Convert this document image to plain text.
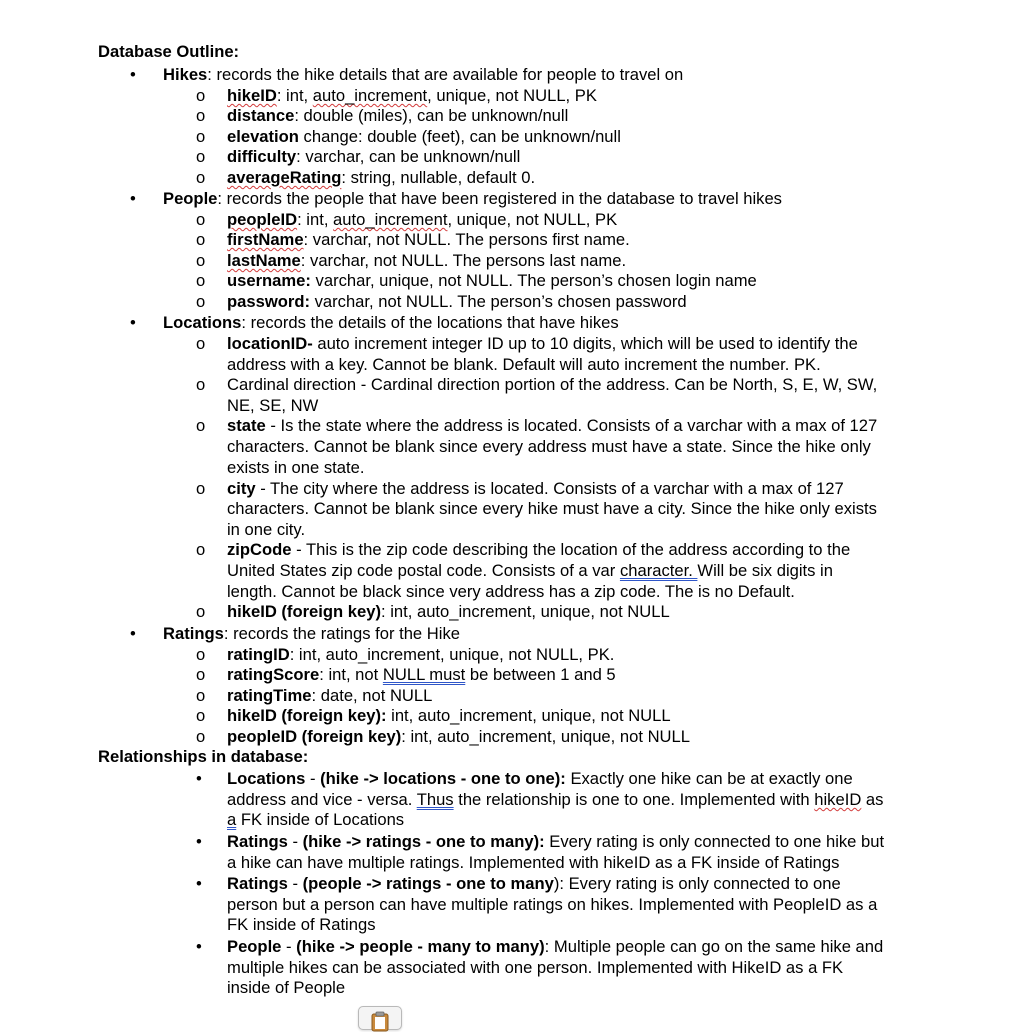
Database Outline:
• Hikes: records the hike details that are available for people to travel on
o hikeID: int, auto_increment, unique, not NULL, PK
o distance: double (miles), can be unknown/null
o elevation change: double (feet), can be unknown/null
o difficulty: varchar, can be unknown/null
o averageRating: string, nullable, default 0.
• People: records the people that have been registered in the database to travel hikes
o peopleID: int, auto_increment, unique, not NULL, PK
o firstName: varchar, not NULL. The persons first name.
o lastName: varchar, not NULL. The persons last name.
o username: varchar, unique, not NULL. The person’s chosen login name
o password: varchar, not NULL. The person’s chosen password
• Locations: records the details of the locations that have hikes
o locationID- auto increment integer ID up to 10 digits, which will be used to identify the
address with a key. Cannot be blank. Default will auto increment the number. PK.
o Cardinal direction - Cardinal direction portion of the address. Can be North, S, E, W, SW,
NE, SE, NW
o state - Is the state where the address is located. Consists of a varchar with a max of 127
characters. Cannot be blank since every address must have a state. Since the hike only
exists in one state.
o city - The city where the address is located. Consists of a varchar with a max of 127
characters. Cannot be blank since every hike must have a city. Since the hike only exists
in one city.
o zipCode - This is the zip code describing the location of the address according to the
United States zip code postal code. Consists of a var character. Will be six digits in
length. Cannot be black since very address has a zip code. The is no Default.
o hikeID (foreign key): int, auto_increment, unique, not NULL
• Ratings: records the ratings for the Hike
o ratingID: int, auto_increment, unique, not NULL, PK.
o ratingScore: int, not NULL must be between 1 and 5
o ratingTime: date, not NULL
o hikeID (foreign key): int, auto_increment, unique, not NULL
o peopleID (foreign key): int, auto_increment, unique, not NULL
Relationships in database:
• Locations - (hike -> locations - one to one): Exactly one hike can be at exactly one
address and vice - versa. Thus the relationship is one to one. Implemented with hikeID as
a FK inside of Locations
• Ratings - (hike -> ratings - one to many): Every rating is only connected to one hike but
a hike can have multiple ratings. Implemented with hikeID as a FK inside of Ratings
• Ratings - (people -> ratings - one to many): Every rating is only connected to one
person but a person can have multiple ratings on hikes. Implemented with PeopleID as a
FK inside of Ratings
• People - (hike -> people - many to many): Multiple people can go on the same hike and
multiple hikes can be associated with one person. Implemented with HikeID as a FK
inside of People
